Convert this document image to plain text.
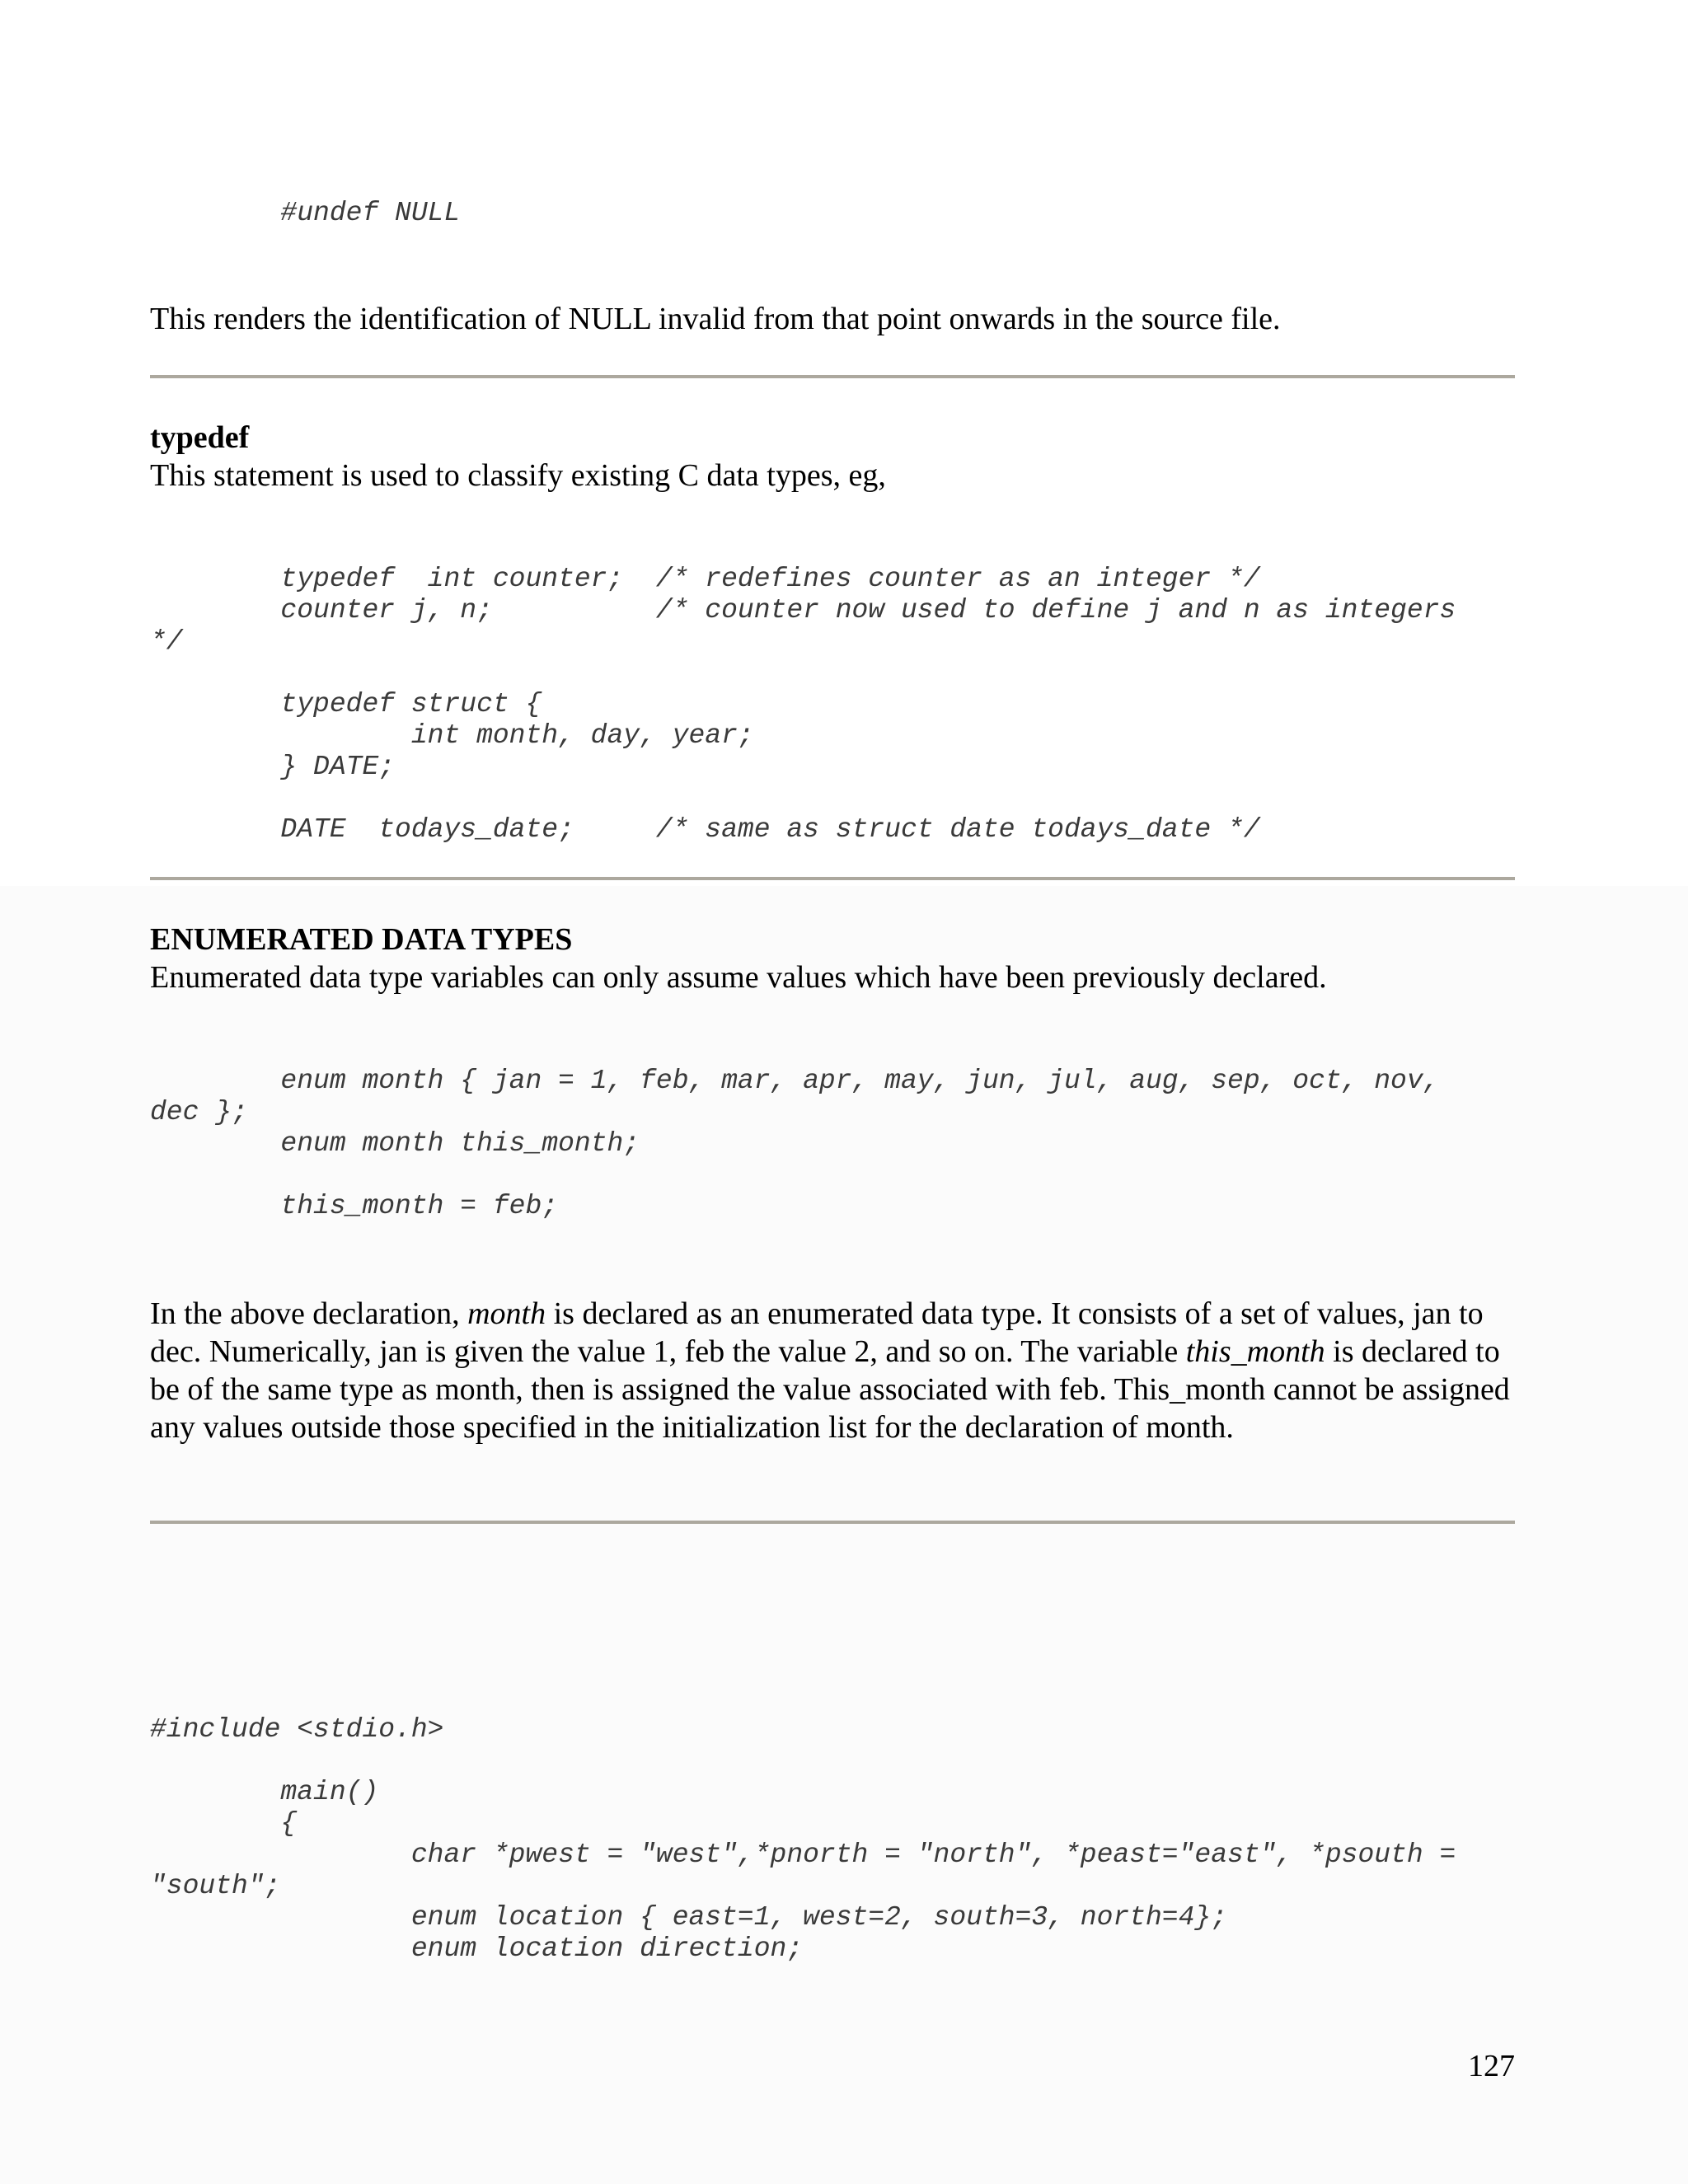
#undef NULL

This renders the identification of NULL invalid from that point onwards in the source file.

typedef

This statement is used to classify existing C data types, eg,

typedef  int counter;  /* redefines counter as an integer */
counter j, n;          /* counter now used to define j and n as integers
*/

typedef struct {
int month, day, year;
} DATE;

DATE  todays_date;     /* same as struct date todays_date */

ENUMERATED DATA TYPES

Enumerated data type variables can only assume values which have been previously declared.

enum month { jan = 1, feb, mar, apr, may, jun, jul, aug, sep, oct, nov,
dec };
enum month this_month;

this_month = feb;

In the above declaration, month is declared as an enumerated data type. It consists of a set of values, jan to dec. Numerically, jan is given the value 1, feb the value 2, and so on. The variable this_month is declared to be of the same type as month, then is assigned the value associated with feb. This_month cannot be assigned any values outside those specified in the initialization list for the declaration of month.

#include <stdio.h>

main()
{
char *pwest = "west",*pnorth = "north", *peast="east", *psouth =
"south";
enum location { east=1, west=2, south=3, north=4};
enum location direction;

127
